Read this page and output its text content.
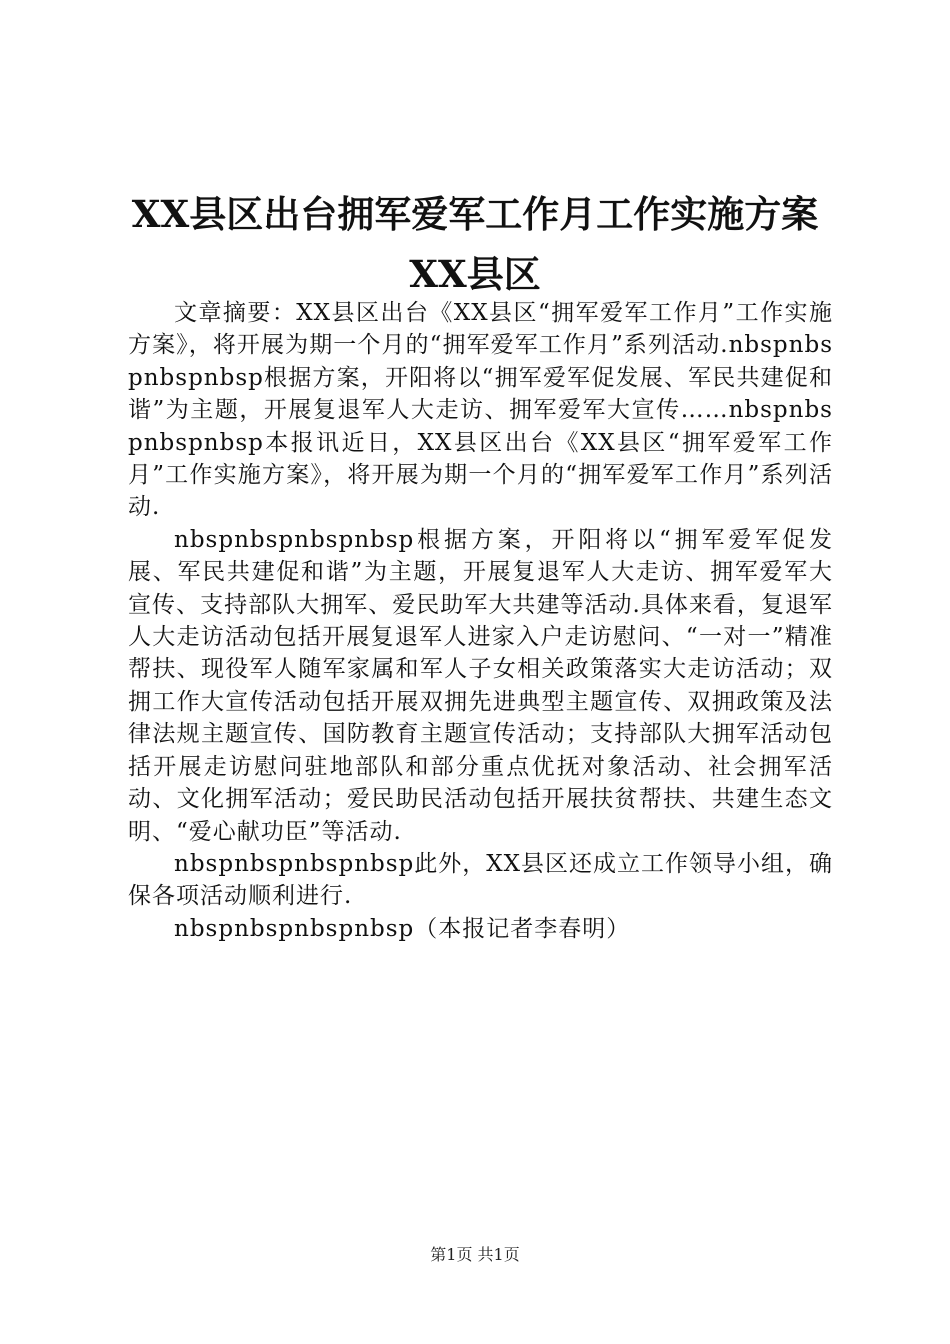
XX县区出台拥军爱军工作月工作实施方案XX县区

文章摘要：XX县区出台《XX县区“拥军爱军工作月”工作实施方案》，将开展为期一个月的“拥军爱军工作月”系列活动.nbspnbspnbspnbsp根据方案，开阳将以“拥军爱军促发展、军民共建促和谐”为主题，开展复退军人大走访、拥军爱军大宣传……nbspnbspnbspnbsp本报讯近日，XX县区出台《XX县区“拥军爱军工作月”工作实施方案》，将开展为期一个月的“拥军爱军工作月”系列活动.

nbspnbspnbspnbsp根据方案，开阳将以“拥军爱军促发展、军民共建促和谐”为主题，开展复退军人大走访、拥军爱军大宣传、支持部队大拥军、爱民助军大共建等活动.具体来看，复退军人大走访活动包括开展复退军人进家入户走访慰问、“一对一”精准帮扶、现役军人随军家属和军人子女相关政策落实大走访活动；双拥工作大宣传活动包括开展双拥先进典型主题宣传、双拥政策及法律法规主题宣传、国防教育主题宣传活动；支持部队大拥军活动包括开展走访慰问驻地部队和部分重点优抚对象活动、社会拥军活动、文化拥军活动；爱民助民活动包括开展扶贫帮扶、共建生态文明、“爱心献功臣”等活动.

nbspnbspnbspnbsp此外，XX县区还成立工作领导小组，确保各项活动顺利进行.

nbspnbspnbspnbsp（本报记者李春明）

第1页 共1页
